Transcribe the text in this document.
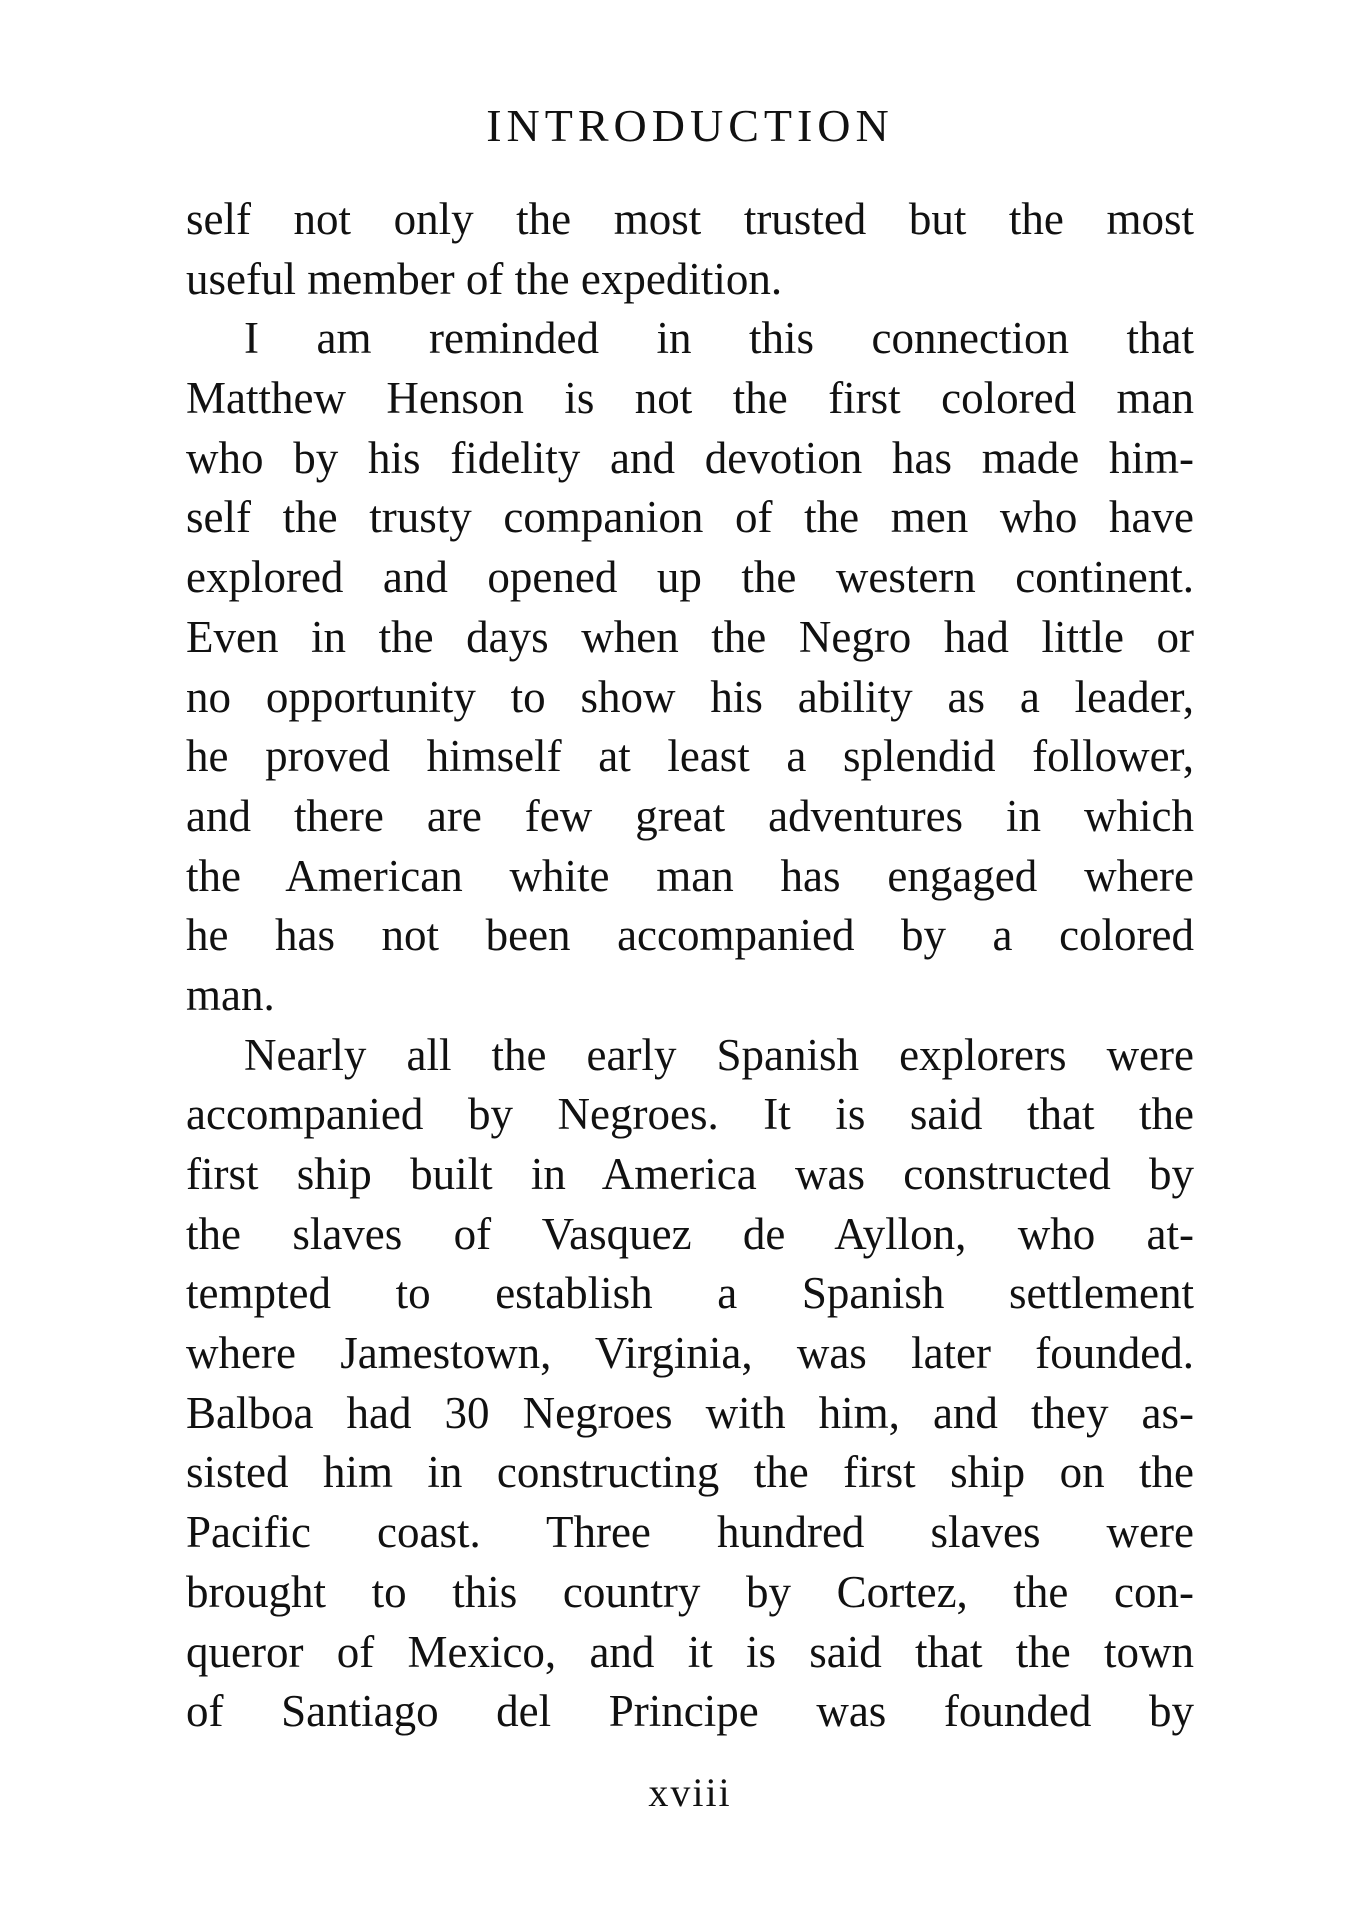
INTRODUCTION
self not only the most trusted but the most
useful member of the expedition.
I am reminded in this connection that
Matthew Henson is not the first colored man
who by his fidelity and devotion has made him-
self the trusty companion of the men who have
explored and opened up the western continent.
Even in the days when the Negro had little or
no opportunity to show his ability as a leader,
he proved himself at least a splendid follower,
and there are few great adventures in which
the American white man has engaged where
he has not been accompanied by a colored
man.
Nearly all the early Spanish explorers were
accompanied by Negroes. It is said that the
first ship built in America was constructed by
the slaves of Vasquez de Ayllon, who at-
tempted to establish a Spanish settlement
where Jamestown, Virginia, was later founded.
Balboa had 30 Negroes with him, and they as-
sisted him in constructing the first ship on the
Pacific coast. Three hundred slaves were
brought to this country by Cortez, the con-
queror of Mexico, and it is said that the town
of Santiago del Principe was founded by
xviii
